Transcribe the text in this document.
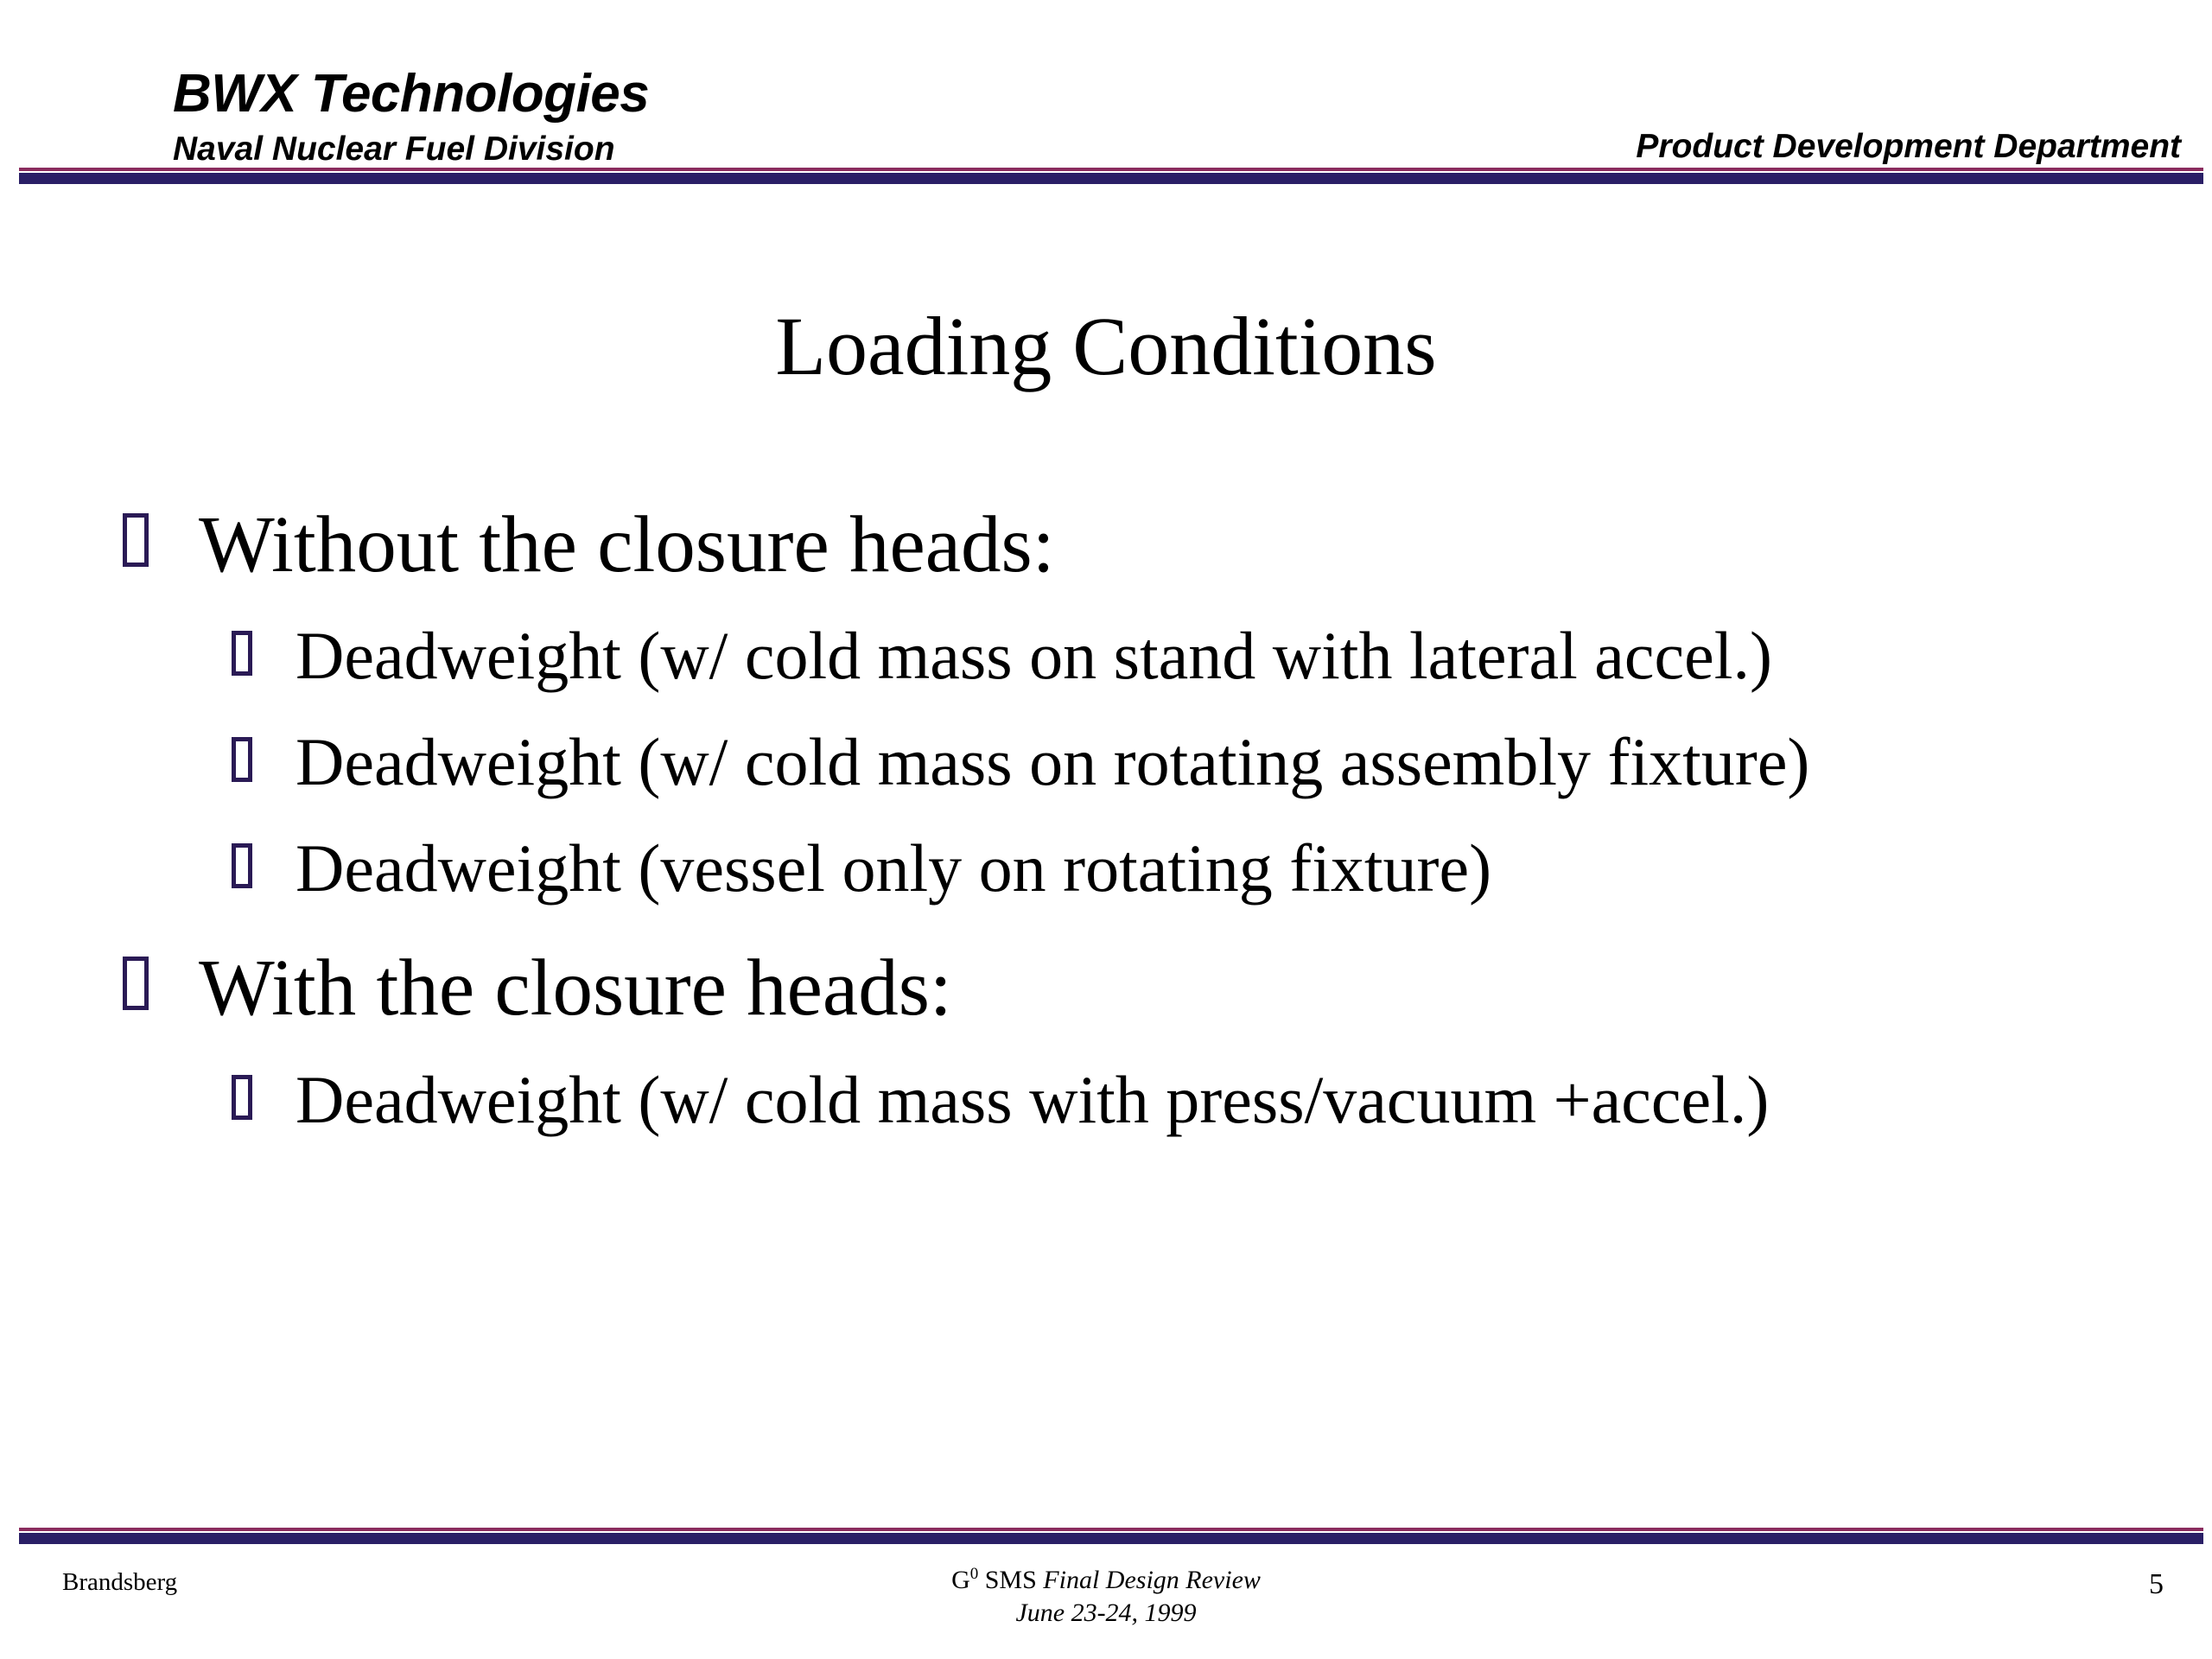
BWX Technologies
Naval Nuclear Fuel Division	Product Development Department
Loading Conditions
Without the closure heads:
Deadweight (w/ cold mass on stand with lateral accel.)
Deadweight (w/ cold mass on rotating assembly fixture)
Deadweight (vessel only on rotating fixture)
With the closure heads:
Deadweight (w/ cold mass with press/vacuum +accel.)
Brandsberg	$G^0$ SMS Final Design Review
June 23-24, 1999
5
